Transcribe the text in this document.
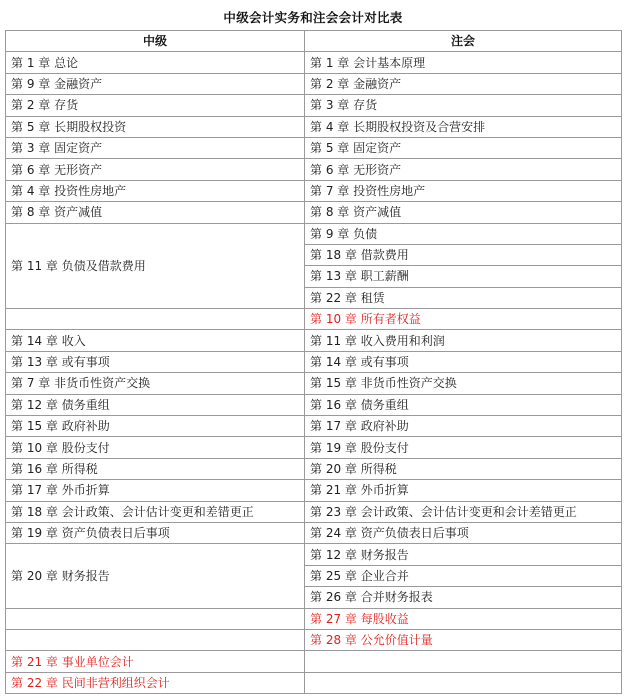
中级会计实务和注会会计对比表
中级	注会
第 1 章 总论	第 1 章 会计基本原理
第 9 章 金融资产	第 2 章 金融资产
第 2 章 存货	第 3 章 存货
第 5 章 长期股权投资	第 4 章 长期股权投资及合营安排
第 3 章 固定资产	第 5 章 固定资产
第 6 章 无形资产	第 6 章 无形资产
第 4 章 投资性房地产	第 7 章 投资性房地产
第 8 章 资产减值	第 8 章 资产减值
第 11 章 负债及借款费用	第 9 章 负债
	第 18 章 借款费用
	第 13 章 职工薪酬
	第 22 章 租赁
	第 10 章 所有者权益
第 14 章 收入	第 11 章 收入费用和利润
第 13 章 或有事项	第 14 章 或有事项
第 7 章 非货币性资产交换	第 15 章 非货币性资产交换
第 12 章 债务重组	第 16 章 债务重组
第 15 章 政府补助	第 17 章 政府补助
第 10 章 股份支付	第 19 章 股份支付
第 16 章 所得税	第 20 章 所得税
第 17 章 外币折算	第 21 章 外币折算
第 18 章 会计政策、会计估计变更和差错更正	第 23 章 会计政策、会计估计变更和会计差错更正
第 19 章 资产负债表日后事项	第 24 章 资产负债表日后事项
第 20 章 财务报告	第 12 章 财务报告
	第 25 章 企业合并
	第 26 章 合并财务报表
	第 27 章 每股收益
	第 28 章 公允价值计量
第 21 章 事业单位会计	
第 22 章 民间非营利组织会计	
